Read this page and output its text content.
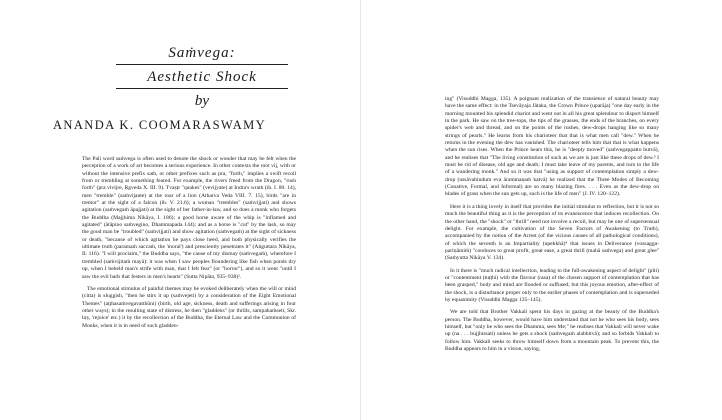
Saṁvega:
Aesthetic Shock
by
ANANDA K. COOMARASWAMY

The Pali word saṁvega is often used to denote the shock or wonder that may be felt when the perception of a work of art becomes a serious experience. In other contexts the root vij, with or without the intensive prefix saṁ, or other prefixes such as pra, "forth," implies a swift recoil from or trembling at something feared. For example, the rivers freed from the Dragon, "rush forth" (pra vivijre, Ṛgveda X. III. 9). Tvaṣṭr "quakes" (vevijyate) at Indra's wrath (ib. I. 80. 14), men "tremble" (saṁvijante) at the roar of a lion (Atharva Veda VIII. 7. 15), birds "are in tremor" at the sight of a falcon (ib. V. 21.6); a woman "trembles" (saṁvijjati) and shows agitation (saṁvegaṁ āpajjati) at the sight of her father-in-law, and so does a monk who forgets the Buddha (Majjhima Nikāya, I. 186); a good horse aware of the whip is "inflamed and agitated" (ātāpino saṁvegino, Dhammapada 144); and as a horse is "cut" by the lash, so may the good man be "troubled" (saṁvijjati) and show agitation (saṁvegaṁ) at the sight of sickness or death, "because of which agitation he pays close heed, and both physically verifies the ultimate truth (paramaṁ saccaṁ, the 'moral') and presciently penetrates it" (Aṅguttara Nikāya, II. 116). "I will proclaim," the Buddha says, "the cause of my dismay (saṁvegaṁ), wherefore I trembled (saṁvijitaṁ mayā): it was when I saw peoples floundering like fish when ponds dry up, when I beheld man's strife with man, that I felt fear" (or "horror"), and so it went "until I saw the evil barb that festers in men's hearts" (Sutta Nipāta, 935–938)².

The emotional stimulus of painful themes may be evoked deliberately when the will or mind (citta) is sluggish, "then he stirs it up (saṁvejeti) by a consideration of the Eight Emotional Themes" (aṭṭhasaṁvegavatthūni) (birth, old age, sickness, death and sufferings arising in four other ways); in the resulting state of distress, he then "gladdens" (or thrills, sampahaṁseti, Skr. hṛṣ, 'rejoice' etc.) it by the recollection of the Buddha, the Eternal Law and the Communion of Monks, when it is in need of such gladden-

ing" (Visuddhi Magga, 135). A poignant realization of the transience of natural beauty may have the same effect: in the Tsevāyaja Jātaka, the Crown Prince (uparāja) "one day early in the morning mounted his splendid chariot and went out in all his great splendour to disport himself in the park. He saw on the tree-tops, the tips of the grasses, the ends of the branches, on every spider's web and thread, and on the points of the rushes, dew-drops hanging like so many strings of pearls." He learns from his charioteer that that is what men call "dew." When he returns in the evening the dew has vanished. The charioteer tells him that that is what happens when the sun rises. When the Prince hears this, he is "deeply moved" (saṁvegappatto hutvā), and he realises that "The living constitution of such as we are is just like these drops of dew.³ I must be rid of disease, old age and death; I must take leave of my parents, and turn to the life of a wandering monk." And so it was that "using as support of contemplation simply a dew-drop (ussāvabindum eva ārammaṇaṁ katvā) he realized that the Three Modes of Becoming (Conative, Formal, and Informal) are so many blazing fires. . . . Even as the dew-drop on blades of grass when the sun gets up, such is the life of men" (J. IV. 120–122).

Here it is a thing lovely in itself that provides the initial stimulus to reflection, but it is not so much the beautiful thing as it is the perception of its evanescence that induces recollection. On the other hand, the "shock" or "thrill" need not involve a recoil, but may be one of supersensual delight. For example, the cultivation of the Seven Factors of Awakening (to Truth), accompanied by the notion of the Arrest (of the vicious causes of all pathological conditions), of which the seventh is an Impartiality (upekkhā)⁴ that issues in Deliverance (vossagga-pariṇāmiṁ) "conduces to great profit, great ease, a great thrill (mahā saṁvega) and great glee" (Saṁyutta Nikāya V. 134).

In it there is "much radical intellection, leading to the full-awakening aspect of delight" (pīti) or "contentment (tuṭṭhi) with the flavour (rasa) of the chosen support of contemplation that has been grasped," body and mind are flooded or suffused; but this joyous emotion, after-effect of the shock, is a disturbance proper only to the earlier phases of contemplation and is superseded by equanimity (Visuddhi Magga 135–145).

We are told that Brother Vakkali spent his days in gazing at the beauty of the Buddha's person. The Buddha, however, would have him understand that not he who sees his body, sees himself, but "only he who sees the Dhamma, sees Me;" he realises that Vakkali will never wake up (na . . . bujjhissati) unless he gets a shock (saṁvegaṁ alabhitvā); and so forbids Vakkali to follow him. Vakkali seeks to throw himself down from a mountain peak. To prevent this, the Buddha appears to him in a vision, saying,
